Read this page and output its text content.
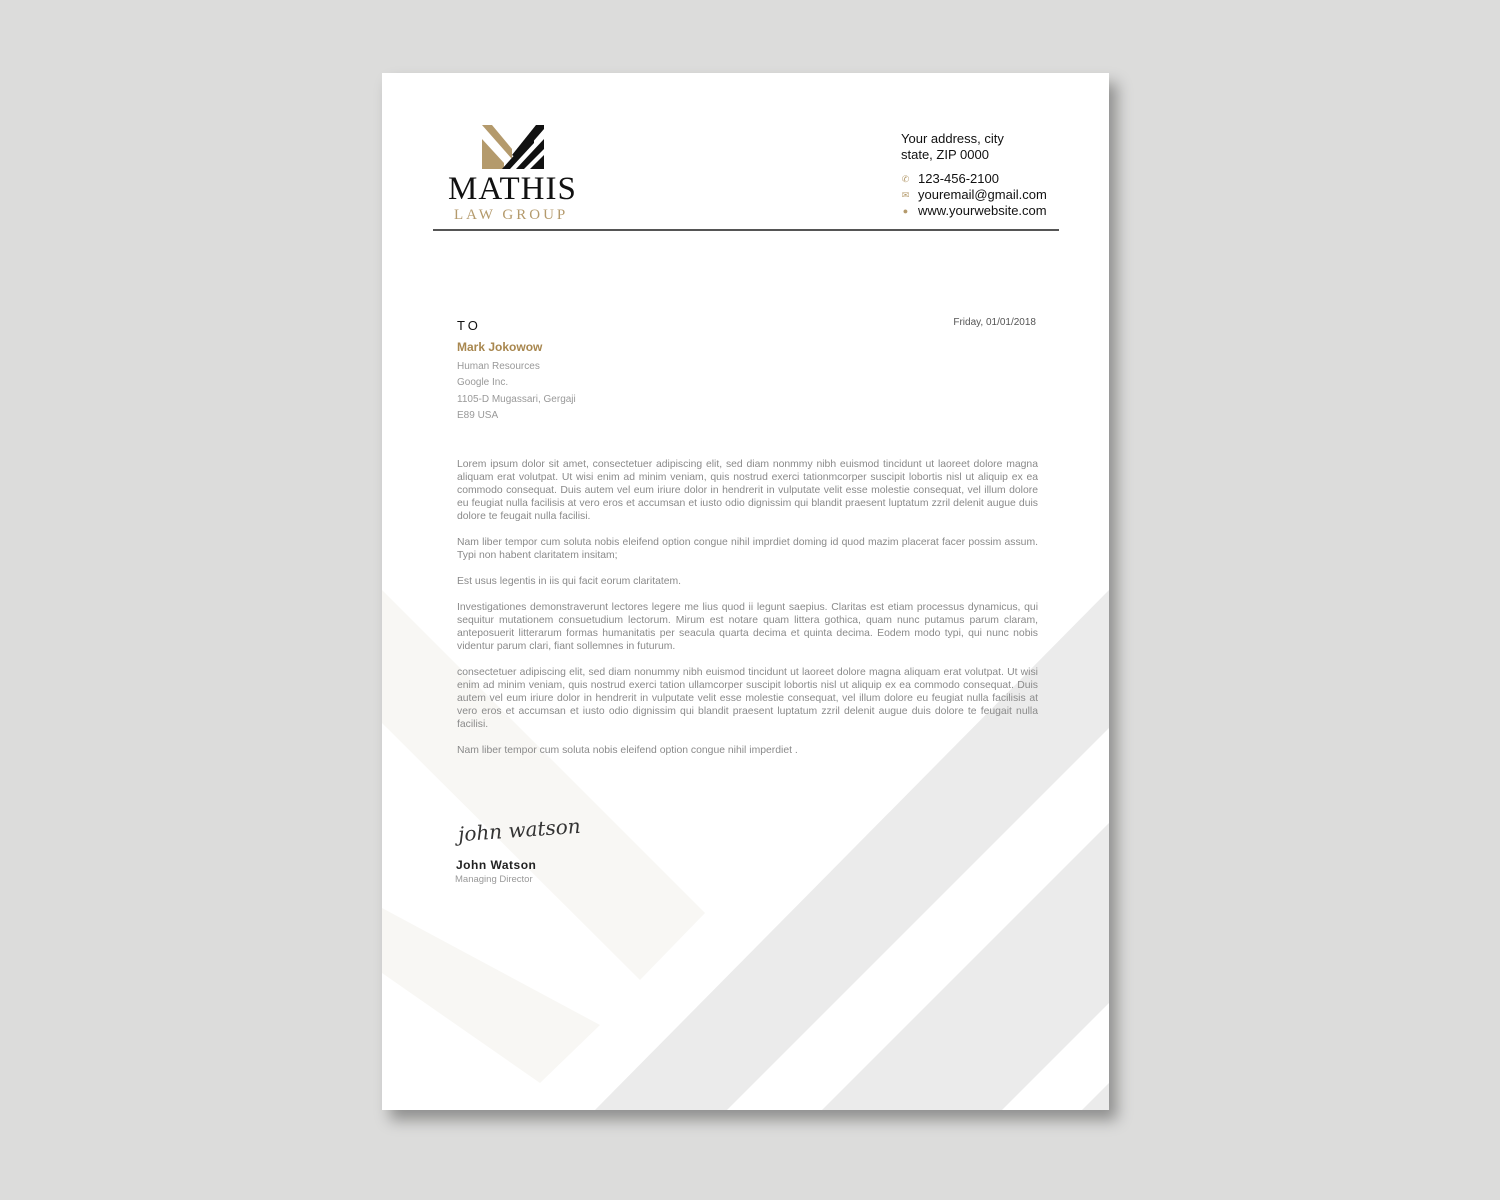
MATHIS
LAW GROUP
Your address, city
state, ZIP 0000
✆ 123-456-2100
✉ youremail@gmail.com
● www.yourwebsite.com
TO	Friday, 01/01/2018
Mark Jokowow
Human Resources
Google Inc.
1105-D Mugassari, Gergaji
E89 USA

Lorem ipsum dolor sit amet, consectetuer adipiscing elit, sed diam nonmmy nibh euismod tincidunt ut laoreet dolore magna aliquam erat volutpat. Ut wisi enim ad minim veniam, quis nostrud exerci tationmcorper suscipit lobortis nisl ut aliquip ex ea commodo consequat. Duis autem vel eum iriure dolor in hendrerit in vulputate velit esse molestie consequat, vel illum dolore eu feugiat nulla facilisis at vero eros et accumsan et iusto odio dignissim qui blandit praesent luptatum zzril delenit augue duis dolore te feugait nulla facilisi.

Nam liber tempor cum soluta nobis eleifend option congue nihil imprdiet doming id quod mazim placerat facer possim assum. Typi non habent claritatem insitam;

Est usus legentis in iis qui facit eorum claritatem.

Investigationes demonstraverunt lectores legere me lius quod ii legunt saepius. Claritas est etiam processus dynamicus, qui sequitur mutationem consuetudium lectorum. Mirum est notare quam littera gothica, quam nunc putamus parum claram, anteposuerit litterarum formas humanitatis per seacula quarta decima et quinta decima. Eodem modo typi, qui nunc nobis videntur parum clari, fiant sollemnes in futurum.

consectetuer adipiscing elit, sed diam nonummy nibh euismod tincidunt ut laoreet dolore magna aliquam erat volutpat. Ut wisi enim ad minim veniam, quis nostrud exerci tation ullamcorper suscipit lobortis nisl ut aliquip ex ea commodo consequat. Duis autem vel eum iriure dolor in hendrerit in vulputate velit esse molestie consequat, vel illum dolore eu feugiat nulla facilisis at vero eros et accumsan et iusto odio dignissim qui blandit praesent luptatum zzril delenit augue duis dolore te feugait nulla facilisi.

Nam liber tempor cum soluta nobis eleifend option congue nihil imperdiet .

john watson
John Watson
Managing Director
